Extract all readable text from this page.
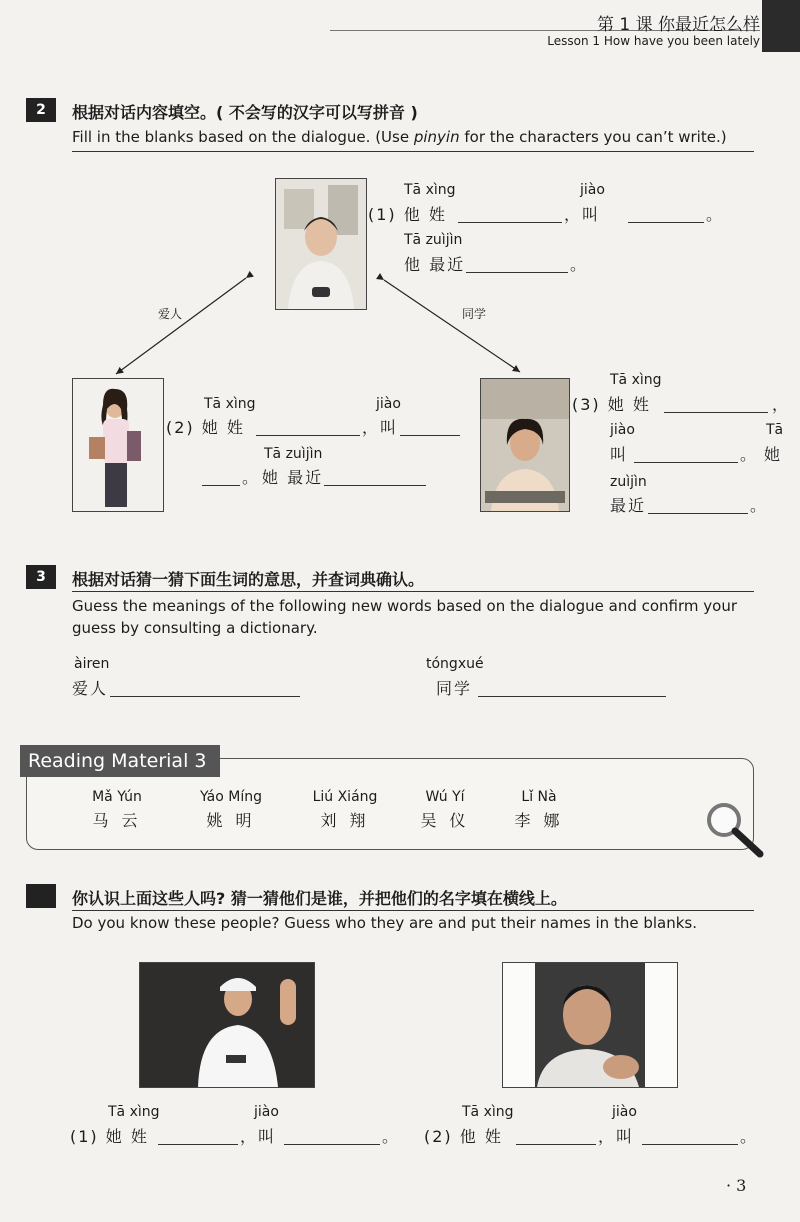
第 1 课 你最近怎么样
Lesson 1 How have you been lately
2	根据对话内容填空。( 不会写的汉字可以写拼音 )
Fill in the blanks based on the dialogue. (Use pinyin for the characters you can’t write.)
爱人	同学
Tā xìng	jiào
(1) 他 姓	，叫	。
Tā zuìjìn
他 最近	。
Tā xìng	jiào
(2) 她 姓	，叫
Tā zuìjìn
。 她 最近
Tā xìng
(3) 她 姓	，
jiào
叫	。
Tā
她
zuìjìn
最近	。
3	根据对话猜一猜下面生词的意思，并查词典确认。
Guess the meanings of the following new words based on the dialogue and confirm your
guess by consulting a dictionary.
àiren
爱人
tóngxué
同学
Reading Material 3
Mǎ Yún
马 云
Yáo Míng
姚 明
Liú Xiáng
刘 翔
Wú Yí
吴 仪
Lǐ Nà
李 娜
你认识上面这些人吗? 猜一猜他们是谁，并把他们的名字填在横线上。
Do you know these people? Guess who they are and put their names in the blanks.
Tā xìng	jiào
(1) 她 姓	，叫	。
Tā xìng	jiào
(2) 他 姓	，叫	。
· 3
